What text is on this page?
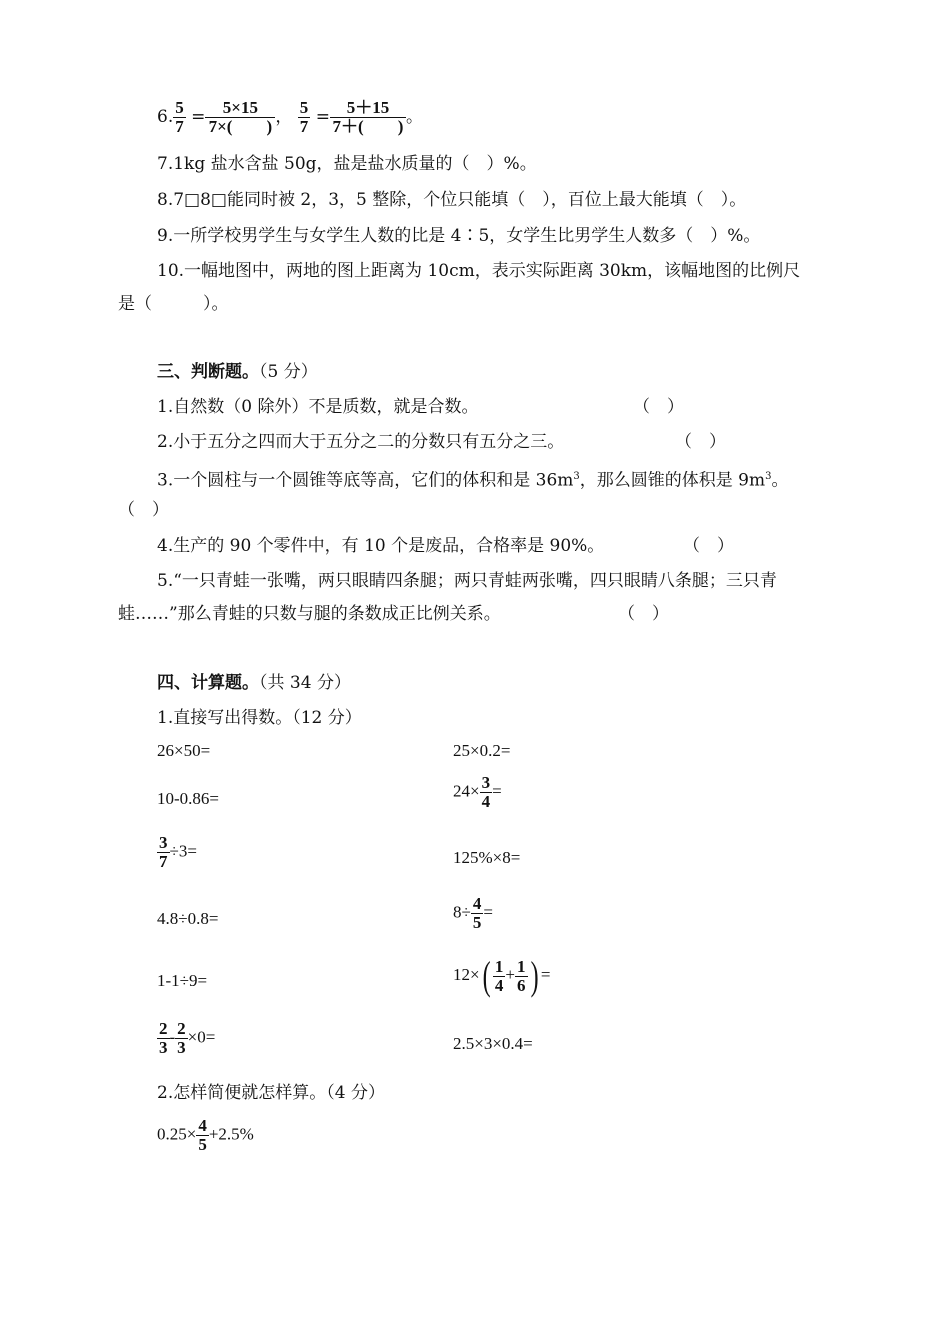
6. $\frac{5}{7} = \frac{5\times 15}{7\times( )}$ ， $\frac{5}{7} = \frac{5+15}{7+( )}$ 。
7.1kg 盐水含盐 50g，盐是盐水质量的（　）%。
8.7□8□能同时被 2，3，5 整除，个位只能填（　），百位上最大能填（　）。
9.一所学校男学生与女学生人数的比是 4∶5，女学生比男学生人数多（　）%。
10.一幅地图中，两地的图上距离为 10cm，表示实际距离 30km，该幅地图的比例尺
是（　　　）。
三、判断题。（5 分）
1.自然数（0 除外）不是质数，就是合数。	（　）
2.小于五分之四而大于五分之二的分数只有五分之三。	（　）
3.一个圆柱与一个圆锥等底等高，它们的体积和是 $36m^3$，那么圆锥的体积是 $9m^3$。
（　）
4.生产的 90 个零件中，有 10 个是废品，合格率是 90%。	（　）
5.“一只青蛙一张嘴，两只眼睛四条腿；两只青蛙两张嘴，四只眼睛八条腿；三只青
蛙……”那么青蛙的只数与腿的条数成正比例关系。	（　）
四、计算题。（共 34 分）
1.直接写出得数。（12 分）
26×50=	25×0.2=
10-0.86=	$24\times \frac{3}{4}$ =
$\frac{3}{7} \div 3=$	125%×8=
4.8÷0.8=	$8\div \frac{4}{5}$ =
1-1÷9=	$12\times( \frac{1}{4} + \frac{1}{6}$ ) =
$\frac{2}{3} - \frac{2}{3} \times 0=$	2.5×3×0.4=
2.怎样简便就怎样算。（4 分）
$0.25\times \frac{4}{5} +2.5\%$
